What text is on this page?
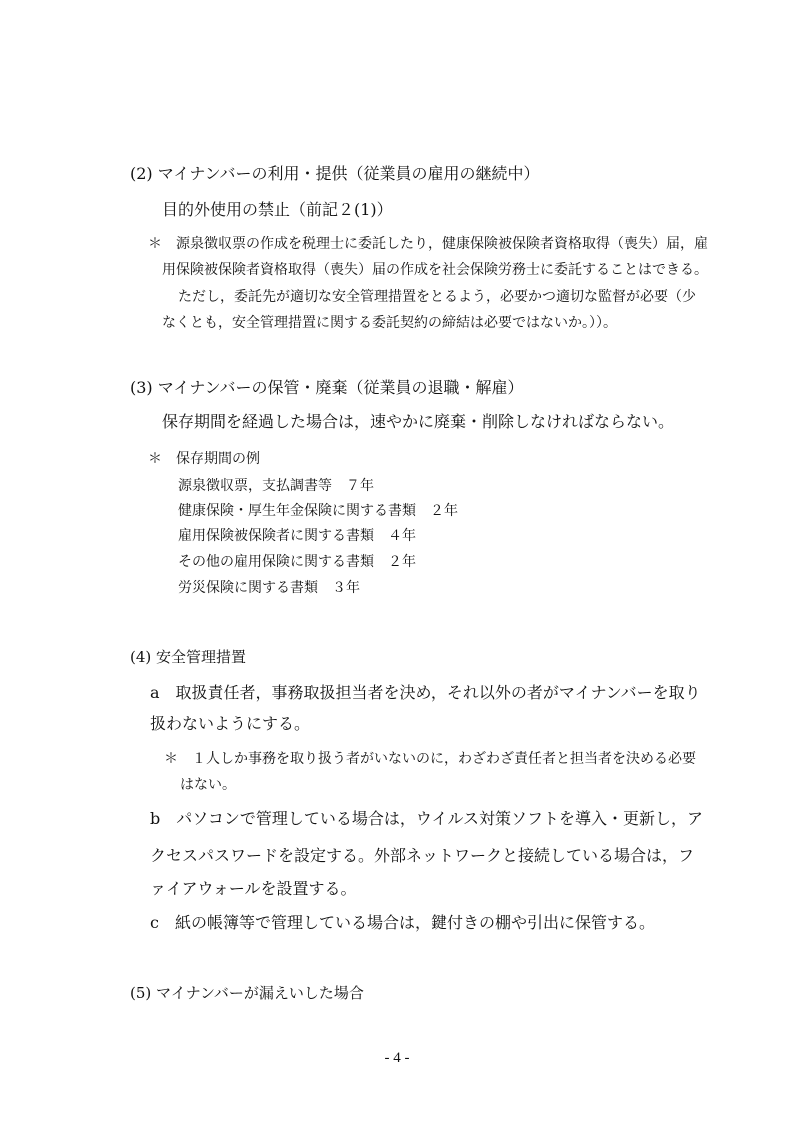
(2) マイナンバーの利用・提供（従業員の雇用の継続中）
目的外使用の禁止（前記２(1)）
＊　源泉徴収票の作成を税理士に委託したり，健康保険被保険者資格取得（喪失）届，雇
用保険被保険者資格取得（喪失）届の作成を社会保険労務士に委託することはできる。
ただし，委託先が適切な安全管理措置をとるよう，必要かつ適切な監督が必要（少
なくとも，安全管理措置に関する委託契約の締結は必要ではないか。））。
(3) マイナンバーの保管・廃棄（従業員の退職・解雇）
保存期間を経過した場合は，速やかに廃棄・削除しなければならない。
＊　保存期間の例
源泉徴収票，支払調書等　７年
健康保険・厚生年金保険に関する書類　２年
雇用保険被保険者に関する書類　４年
その他の雇用保険に関する書類　２年
労災保険に関する書類　３年
(4) 安全管理措置
a　取扱責任者，事務取扱担当者を決め，それ以外の者がマイナンバーを取り
扱わないようにする。
＊　１人しか事務を取り扱う者がいないのに，わざわざ責任者と担当者を決める必要
はない。
b　パソコンで管理している場合は，ウイルス対策ソフトを導入・更新し，ア
クセスパスワードを設定する。外部ネットワークと接続している場合は，フ
ァイアウォールを設置する。
c　紙の帳簿等で管理している場合は，鍵付きの棚や引出に保管する。
(5) マイナンバーが漏えいした場合
- 4 -
